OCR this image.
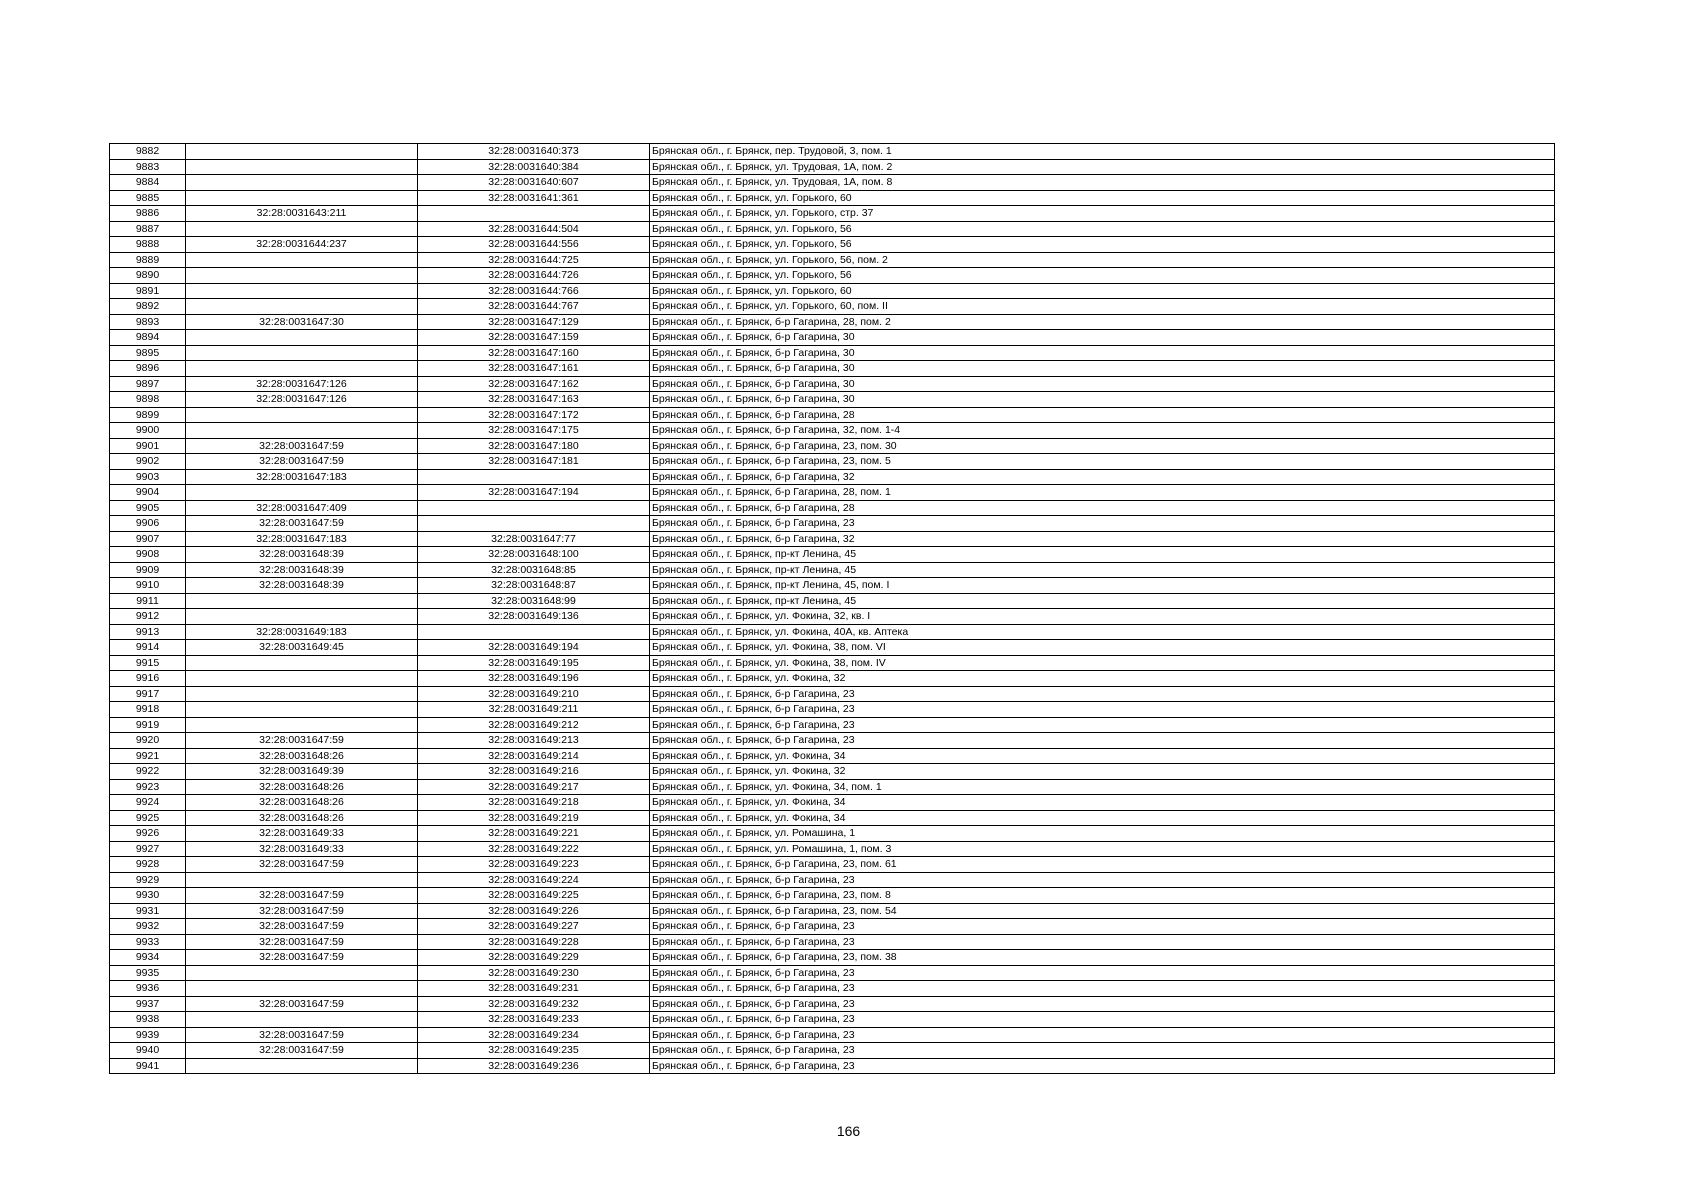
9882		32:28:0031640:373	Брянская обл., г. Брянск, пер. Трудовой, 3, пом. 1
9883		32:28:0031640:384	Брянская обл., г. Брянск, ул. Трудовая, 1А, пом. 2
9884		32:28:0031640:607	Брянская обл., г. Брянск, ул. Трудовая, 1А, пом. 8
9885		32:28:0031641:361	Брянская обл., г. Брянск, ул. Горького, 60
9886	32:28:0031643:211		Брянская обл., г. Брянск, ул. Горького, стр. 37
9887		32:28:0031644:504	Брянская обл., г. Брянск, ул. Горького, 56
9888	32:28:0031644:237	32:28:0031644:556	Брянская обл., г. Брянск, ул. Горького, 56
9889		32:28:0031644:725	Брянская обл., г. Брянск, ул. Горького, 56, пом. 2
9890		32:28:0031644:726	Брянская обл., г. Брянск, ул. Горького, 56
9891		32:28:0031644:766	Брянская обл., г. Брянск, ул. Горького, 60
9892		32:28:0031644:767	Брянская обл., г. Брянск, ул. Горького, 60, пом. II
9893	32:28:0031647:30	32:28:0031647:129	Брянская обл., г. Брянск, б-р Гагарина, 28, пом. 2
9894		32:28:0031647:159	Брянская обл., г. Брянск, б-р Гагарина, 30
9895		32:28:0031647:160	Брянская обл., г. Брянск, б-р Гагарина, 30
9896		32:28:0031647:161	Брянская обл., г. Брянск, б-р Гагарина, 30
9897	32:28:0031647:126	32:28:0031647:162	Брянская обл., г. Брянск, б-р Гагарина, 30
9898	32:28:0031647:126	32:28:0031647:163	Брянская обл., г. Брянск, б-р Гагарина, 30
9899		32:28:0031647:172	Брянская обл., г. Брянск, б-р Гагарина, 28
9900		32:28:0031647:175	Брянская обл., г. Брянск, б-р Гагарина, 32, пом. 1-4
9901	32:28:0031647:59	32:28:0031647:180	Брянская обл., г. Брянск, б-р Гагарина, 23, пом. 30
9902	32:28:0031647:59	32:28:0031647:181	Брянская обл., г. Брянск, б-р Гагарина, 23, пом. 5
9903	32:28:0031647:183		Брянская обл., г. Брянск, б-р Гагарина, 32
9904		32:28:0031647:194	Брянская обл., г. Брянск, б-р Гагарина, 28, пом. 1
9905	32:28:0031647:409		Брянская обл., г. Брянск, б-р Гагарина, 28
9906	32:28:0031647:59		Брянская обл., г. Брянск, б-р Гагарина, 23
9907	32:28:0031647:183	32:28:0031647:77	Брянская обл., г. Брянск, б-р Гагарина, 32
9908	32:28:0031648:39	32:28:0031648:100	Брянская обл., г. Брянск, пр-кт Ленина, 45
9909	32:28:0031648:39	32:28:0031648:85	Брянская обл., г. Брянск, пр-кт Ленина, 45
9910	32:28:0031648:39	32:28:0031648:87	Брянская обл., г. Брянск, пр-кт Ленина, 45, пом. I
9911		32:28:0031648:99	Брянская обл., г. Брянск, пр-кт Ленина, 45
9912		32:28:0031649:136	Брянская обл., г. Брянск, ул. Фокина, 32, кв. I
9913	32:28:0031649:183		Брянская обл., г. Брянск, ул. Фокина, 40А, кв. Аптека
9914	32:28:0031649:45	32:28:0031649:194	Брянская обл., г. Брянск, ул. Фокина, 38, пом. VI
9915		32:28:0031649:195	Брянская обл., г. Брянск, ул. Фокина, 38, пом. IV
9916		32:28:0031649:196	Брянская обл., г. Брянск, ул. Фокина, 32
9917		32:28:0031649:210	Брянская обл., г. Брянск, б-р Гагарина, 23
9918		32:28:0031649:211	Брянская обл., г. Брянск, б-р Гагарина, 23
9919		32:28:0031649:212	Брянская обл., г. Брянск, б-р Гагарина, 23
9920	32:28:0031647:59	32:28:0031649:213	Брянская обл., г. Брянск, б-р Гагарина, 23
9921	32:28:0031648:26	32:28:0031649:214	Брянская обл., г. Брянск, ул. Фокина, 34
9922	32:28:0031649:39	32:28:0031649:216	Брянская обл., г. Брянск, ул. Фокина, 32
9923	32:28:0031648:26	32:28:0031649:217	Брянская обл., г. Брянск, ул. Фокина, 34, пом. 1
9924	32:28:0031648:26	32:28:0031649:218	Брянская обл., г. Брянск, ул. Фокина, 34
9925	32:28:0031648:26	32:28:0031649:219	Брянская обл., г. Брянск, ул. Фокина, 34
9926	32:28:0031649:33	32:28:0031649:221	Брянская обл., г. Брянск, ул. Ромашина, 1
9927	32:28:0031649:33	32:28:0031649:222	Брянская обл., г. Брянск, ул. Ромашина, 1, пом. 3
9928	32:28:0031647:59	32:28:0031649:223	Брянская обл., г. Брянск, б-р Гагарина, 23, пом. 61
9929		32:28:0031649:224	Брянская обл., г. Брянск, б-р Гагарина, 23
9930	32:28:0031647:59	32:28:0031649:225	Брянская обл., г. Брянск, б-р Гагарина, 23, пом. 8
9931	32:28:0031647:59	32:28:0031649:226	Брянская обл., г. Брянск, б-р Гагарина, 23, пом. 54
9932	32:28:0031647:59	32:28:0031649:227	Брянская обл., г. Брянск, б-р Гагарина, 23
9933	32:28:0031647:59	32:28:0031649:228	Брянская обл., г. Брянск, б-р Гагарина, 23
9934	32:28:0031647:59	32:28:0031649:229	Брянская обл., г. Брянск, б-р Гагарина, 23, пом. 38
9935		32:28:0031649:230	Брянская обл., г. Брянск, б-р Гагарина, 23
9936		32:28:0031649:231	Брянская обл., г. Брянск, б-р Гагарина, 23
9937	32:28:0031647:59	32:28:0031649:232	Брянская обл., г. Брянск, б-р Гагарина, 23
9938		32:28:0031649:233	Брянская обл., г. Брянск, б-р Гагарина, 23
9939	32:28:0031647:59	32:28:0031649:234	Брянская обл., г. Брянск, б-р Гагарина, 23
9940	32:28:0031647:59	32:28:0031649:235	Брянская обл., г. Брянск, б-р Гагарина, 23
9941		32:28:0031649:236	Брянская обл., г. Брянск, б-р Гагарина, 23
166
